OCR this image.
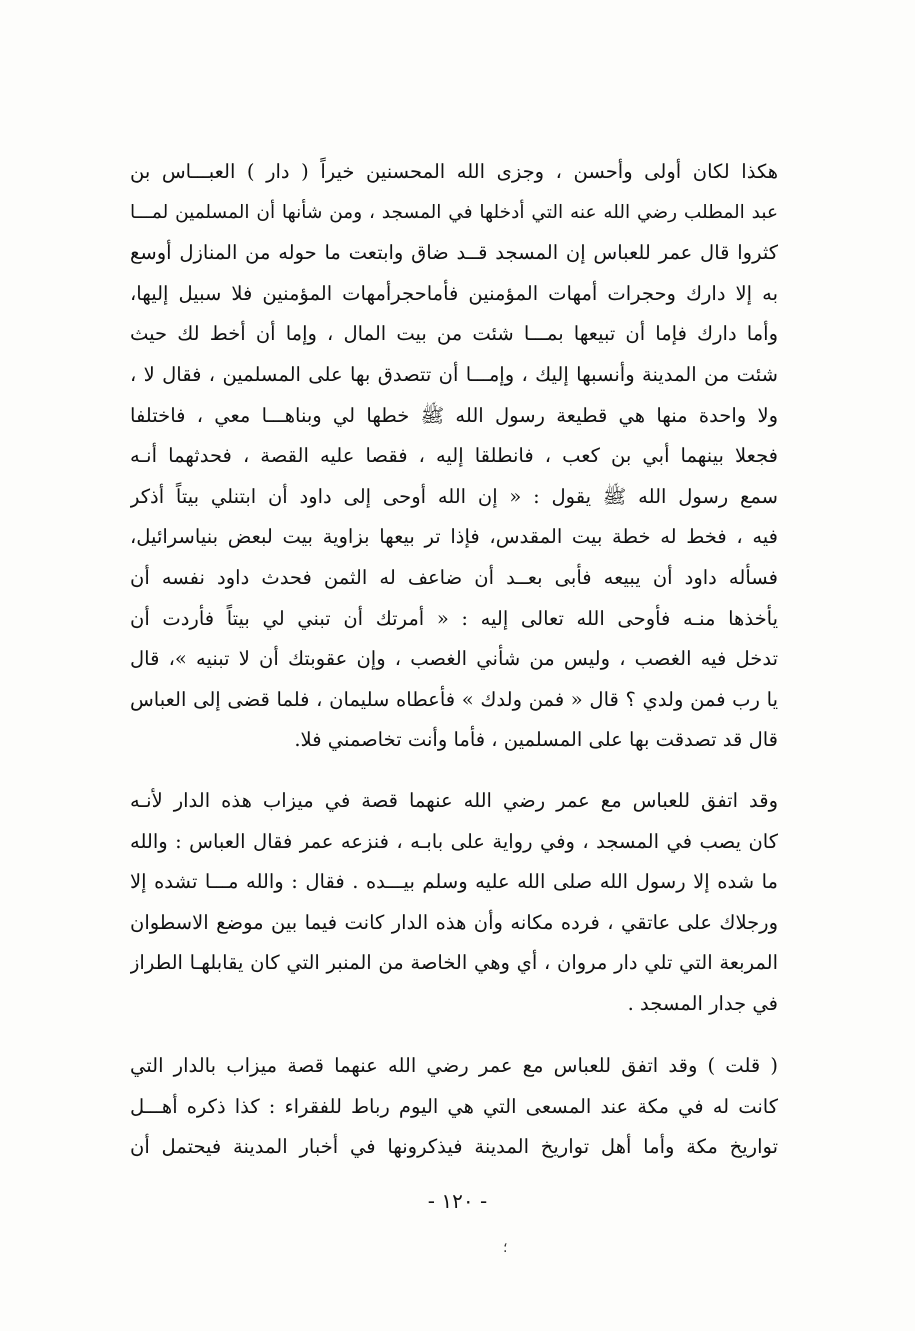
هكذا لكان أولى وأحسن ، وجزى الله المحسنين خيراً ( دار ) العبـــاس بن
عبد المطلب رضي الله عنه التي أدخلها في المسجد ، ومن شأنها أن المسلمين لمـــا
كثروا قال عمر للعباس إن المسجد قــد ضاق وابتعت ما حوله من المنازل أوسع
به إلا دارك وحجرات أمهات المؤمنين فأماحجرأمهات المؤمنين فلا سبيل إليها،
وأما دارك فإما أن تبيعها بمـــا شئت من بيت المال ، وإما أن أخط لك حيث
شئت من المدينة وأنسبها إليك ، وإمـــا أن تتصدق بها على المسلمين ، فقال لا ،
ولا واحدة منها هي قطيعة رسول الله ﷺ خطها لي وبناهـــا معي ، فاختلفا
فجعلا بينهما أبي بن كعب ، فانطلقا إليه ، فقصا عليه القصة ، فحدثهما أنـه
سمع رسول الله ﷺ يقول : « إن الله أوحى إلى داود أن ابتنلي بيتاً أذكر
فيه ، فخط له خطة بيت المقدس، فإذا تر بيعها بزاوية بيت لبعض بنياسرائيل،
فسأله داود أن يبيعه فأبى بعــد أن ضاعف له الثمن فحدث داود نفسه أن
يأخذها منـه فأوحى الله تعالى إليه : « أمرتك أن تبني لي بيتاً فأردت أن
تدخل فيه الغصب ، وليس من شأني الغصب ، وإن عقوبتك أن لا تبنيه »، قال
يا رب فمن ولدي ؟ قال « فمن ولدك » فأعطاه سليمان ، فلما قضى إلى العباس
قال قد تصدقت بها على المسلمين ، فأما وأنت تخاصمني فلا.
وقد اتفق للعباس مع عمر رضي الله عنهما قصة في ميزاب هذه الدار لأنـه
كان يصب في المسجد ، وفي رواية على بابـه ، فنزعه عمر فقال العباس : والله
ما شده إلا رسول الله صلى الله عليه وسلم بيـــده . فقال : والله مـــا تشده إلا
ورجلاك على عاتقي ، فرده مكانه وأن هذه الدار كانت فيما بين موضع الاسطوان
المربعة التي تلي دار مروان ، أي وهي الخاصة من المنبر التي كان يقابلهـا الطراز
في جدار المسجد .
( قلت ) وقد اتفق للعباس مع عمر رضي الله عنهما قصة ميزاب بالدار التي
كانت له في مكة عند المسعى التي هي اليوم رباط للفقراء : كذا ذكره أهـــل
تواريخ مكة وأما أهل تواريخ المدينة فيذكرونها في أخبار المدينة فيحتمل أن
- ١٢٠ -
؛
